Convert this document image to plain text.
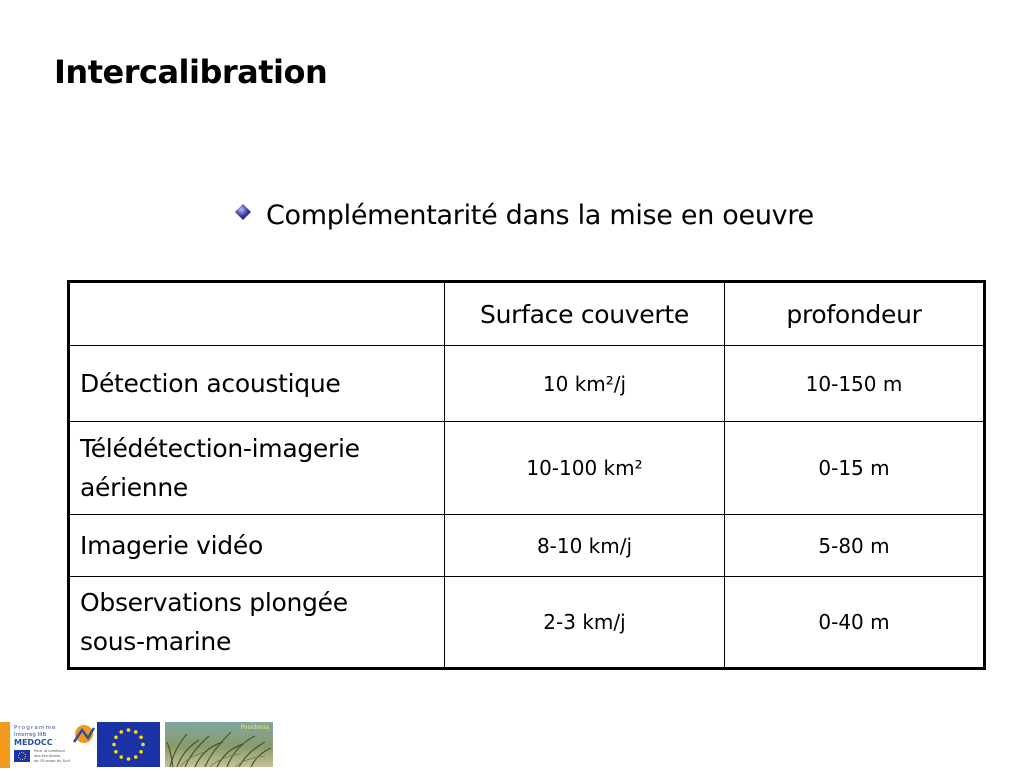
Intercalibration
Complémentarité dans la mise en oeuvre
	Surface couverte	profondeur
Détection acoustique	10 km²/j	10-150 m
Télédétection-imagerie
aérienne	10-100 km²	0-15 m
Imagerie vidéo	8-10 km/j	5-80 m
Observations plongée
sous-marine	2-3 km/j	0-40 m
Programme
Interreg IIIB
MEDOCC
Pour la cohésion
des territoires
de l'Europe du Sud
Posidonia
